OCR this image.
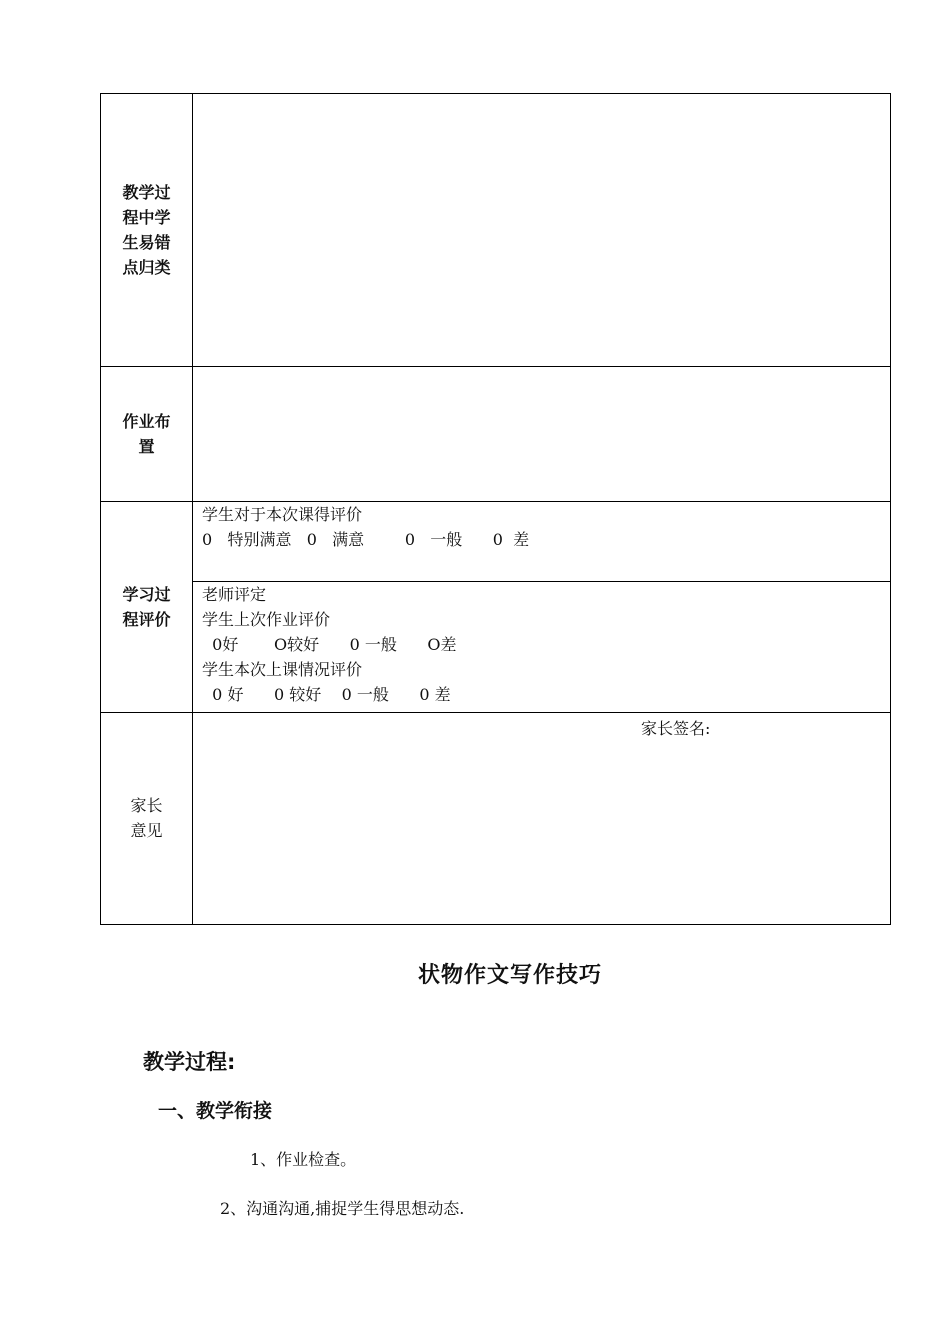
教学过
程中学
生易错
点归类
作业布
置
学习过
程评价
学生对于本次课得评价
0   特别满意   0   满意        0   一般      0  差
老师评定
学生上次作业评价
0好       O较好      0 一般      O差
学生本次上课情况评价
0 好      0 较好    0 一般      0 差
家长
意见
家长签名:
状物作文写作技巧
教学过程:
一、教学衔接
1、作业检查。
2、沟通沟通,捕捉学生得思想动态.
